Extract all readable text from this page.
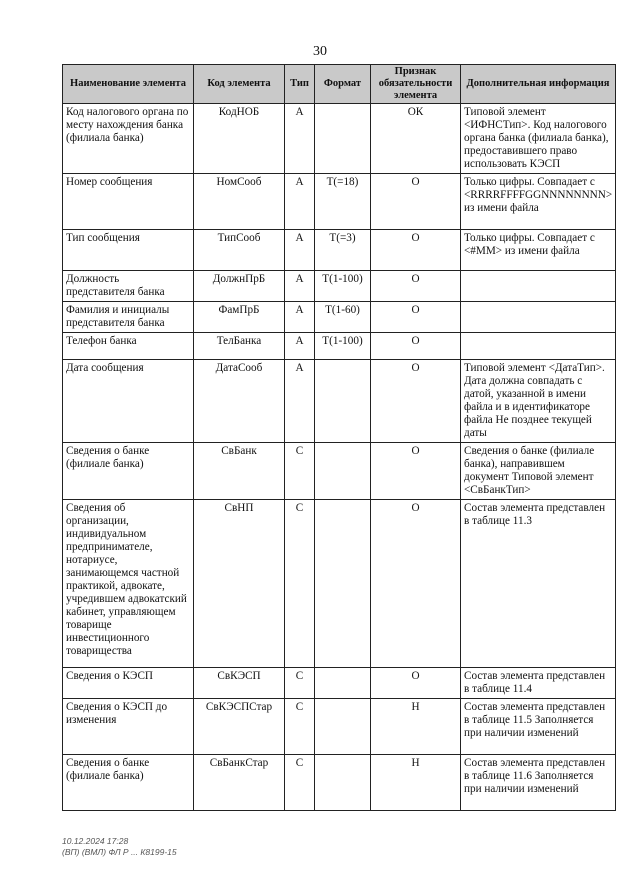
30
Наименование элемента	Код элемента	Тип	Формат	Признак обязательности элемента	Дополнительная информация
Код налогового органа по месту нахождения банка (филиала банка)	КодНОБ	А		ОК	Типовой элемент <ИФНСТип>. Код налогового органа банка (филиала банка), предоставившего право использовать КЭСП
Номер сообщения	НомСооб	А	Т(=18)	О	Только цифры. Совпадает с <RRRRFFFFGGNNNNNNNN> из имени файла
Тип сообщения	ТипСооб	А	Т(=3)	О	Только цифры. Совпадает с <#ММ> из имени файла
Должность представителя банка	ДолжнПрБ	А	Т(1-100)	О	
Фамилия и инициалы представителя банка	ФамПрБ	А	Т(1-60)	О	
Телефон банка	ТелБанка	А	Т(1-100)	О	
Дата сообщения	ДатаСооб	А		О	Типовой элемент <ДатаТип>. Дата должна совпадать с датой, указанной в имени файла и в идентификаторе файла Не позднее текущей даты
Сведения о банке (филиале банка)	СвБанк	С		О	Сведения о банке (филиале банка), направившем документ Типовой элемент <СвБанкТип>
Сведения об организации, индивидуальном предпринимателе, нотариусе, занимающемся частной практикой, адвокате, учредившем адвокатский кабинет, управляющем товарище инвестиционного товарищества	СвНП	С		О	Состав элемента представлен в таблице 11.3
Сведения о КЭСП	СвКЭСП	С		О	Состав элемента представлен в таблице 11.4
Сведения о КЭСП до изменения	СвКЭСПСтар	С		Н	Состав элемента представлен в таблице 11.5 Заполняется при наличии изменений
Сведения о банке (филиале банка)	СвБанкСтар	С		Н	Состав элемента представлен в таблице 11.6 Заполняется при наличии изменений
10.12.2024 17:28
(ВП) (ВМЛ) ФЛ Р ... К8199-15
